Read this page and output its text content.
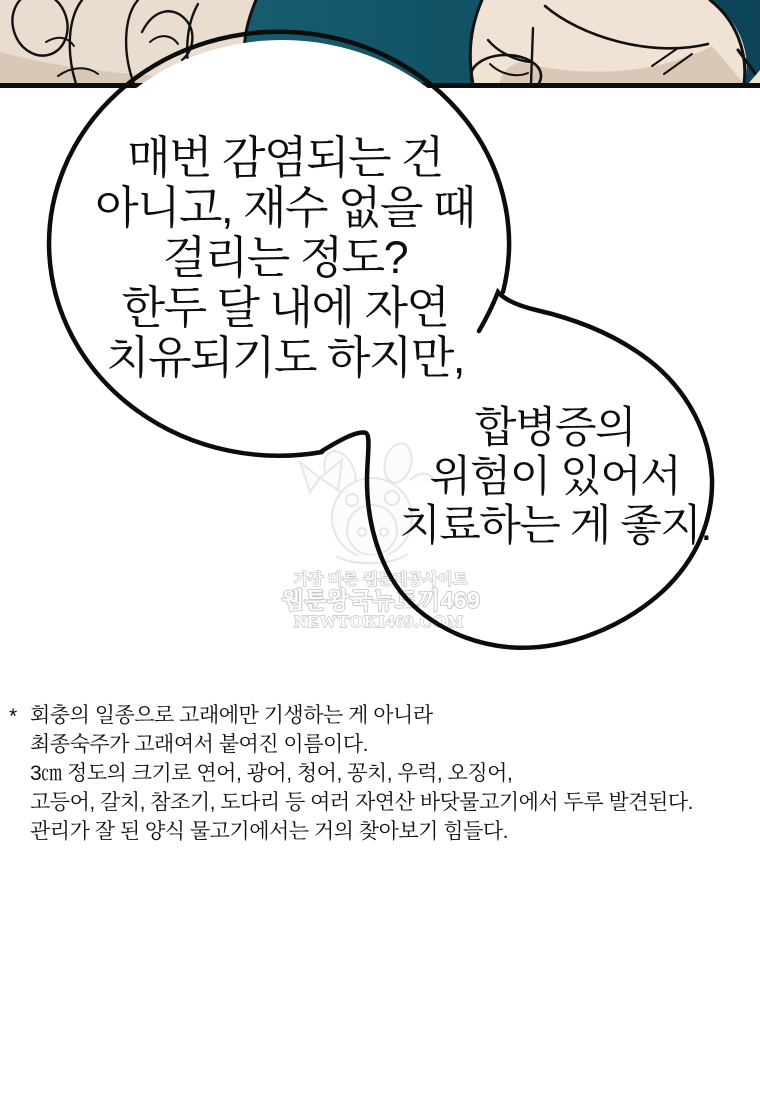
가장 빠른 웹툰제공사이트
웹툰왕국뉴토끼469
NEWTOKI469.COM
매번 감염되는 건
아니고, 재수 없을 때
걸리는 정도?
한두 달 내에 자연
치유되기도 하지만,
합병증의
위험이 있어서
치료하는 게 좋지.
* 회충의 일종으로 고래에만 기생하는 게 아니라
최종숙주가 고래여서 붙여진 이름이다.
3㎝ 정도의 크기로 연어, 광어, 청어, 꽁치, 우럭, 오징어,
고등어, 갈치, 참조기, 도다리 등 여러 자연산 바닷물고기에서 두루 발견된다.
관리가 잘 된 양식 물고기에서는 거의 찾아보기 힘들다.
